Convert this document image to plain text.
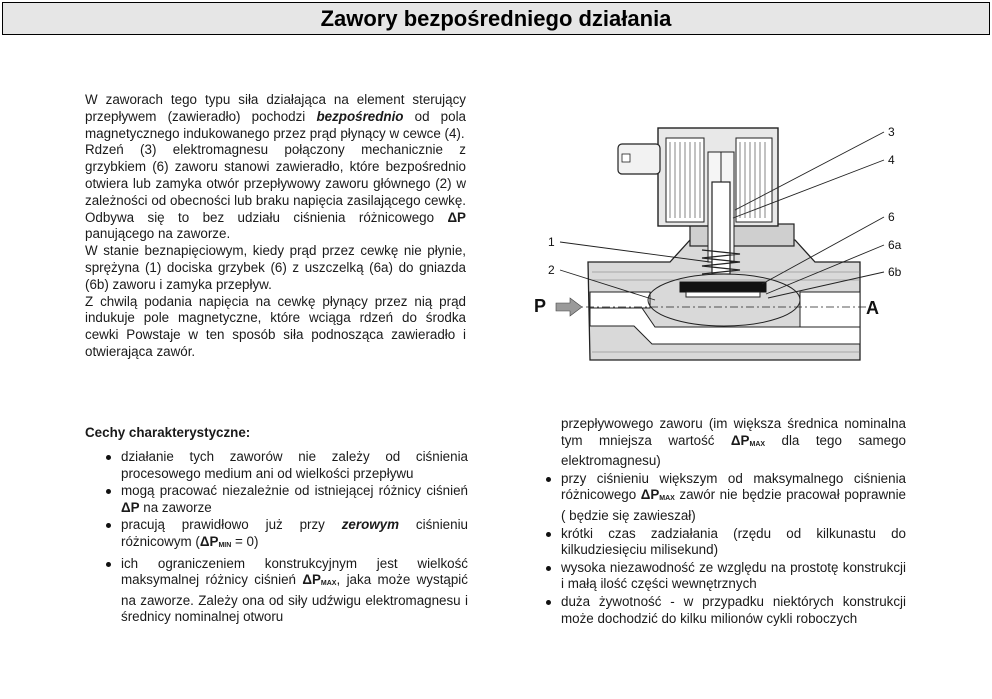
Zawory bezpośredniego działania

W zaworach tego typu siła działająca na element sterujący przepływem (zawieradło) pochodzi bezpośrednio od pola magnetycznego indukowanego przez prąd płynący w cewce (4).

Rdzeń (3) elektromagnesu połączony mechanicznie z grzybkiem (6) zaworu stanowi zawieradło, które bezpośrednio otwiera lub zamyka otwór przepływowy zaworu głównego (2) w zależności od obecności lub braku napięcia zasilającego cewkę. Odbywa się to bez udziału ciśnienia różnicowego ΔP panującego na zaworze.

W stanie beznapięciowym, kiedy prąd przez cewkę nie płynie, sprężyna (1) dociska grzybek (6) z uszczelką (6a) do gniazda (6b) zaworu i zamyka przepływ.

Z chwilą podania napięcia na cewkę płynący przez nią prąd indukuje pole magnetyczne, które wciąga rdzeń do środka cewki Powstaje w ten sposób siła podnosząca zawieradło i otwierająca zawór.

3
4
6
6a
6b
1
2
P	A
Cechy charakterystyczne:
działanie tych zaworów nie zależy od ciśnienia procesowego medium ani od wielkości przepływu
mogą pracować niezależnie od istniejącej różnicy ciśnień ΔP na zaworze
pracują prawidłowo już przy zerowym ciśnieniu różnicowym $(\Delta P_{MIN} = 0)$
ich ograniczeniem konstrukcyjnym jest wielkość maksymalnej różnicy ciśnień $\Delta P_{MAX}$, jaka może wystąpić na zaworze. Zależy ona od siły udźwigu elektromagnesu i średnicy nominalnej otworu
przepływowego zaworu (im większa średnica nominalna tym mniejsza wartość $\Delta P_{MAX}$ dla tego samego elektromagnesu)
przy ciśnieniu większym od maksymalnego ciśnienia różnicowego $\Delta P_{MAX}$ zawór nie będzie pracował poprawnie ( będzie się zawieszał)
krótki czas zadziałania (rzędu od kilkunastu do kilkudziesięciu milisekund)
wysoka niezawodność ze względu na prostotę konstrukcji i małą ilość części wewnętrznych
duża żywotność - w przypadku niektórych konstrukcji może dochodzić do kilku milionów cykli roboczych
